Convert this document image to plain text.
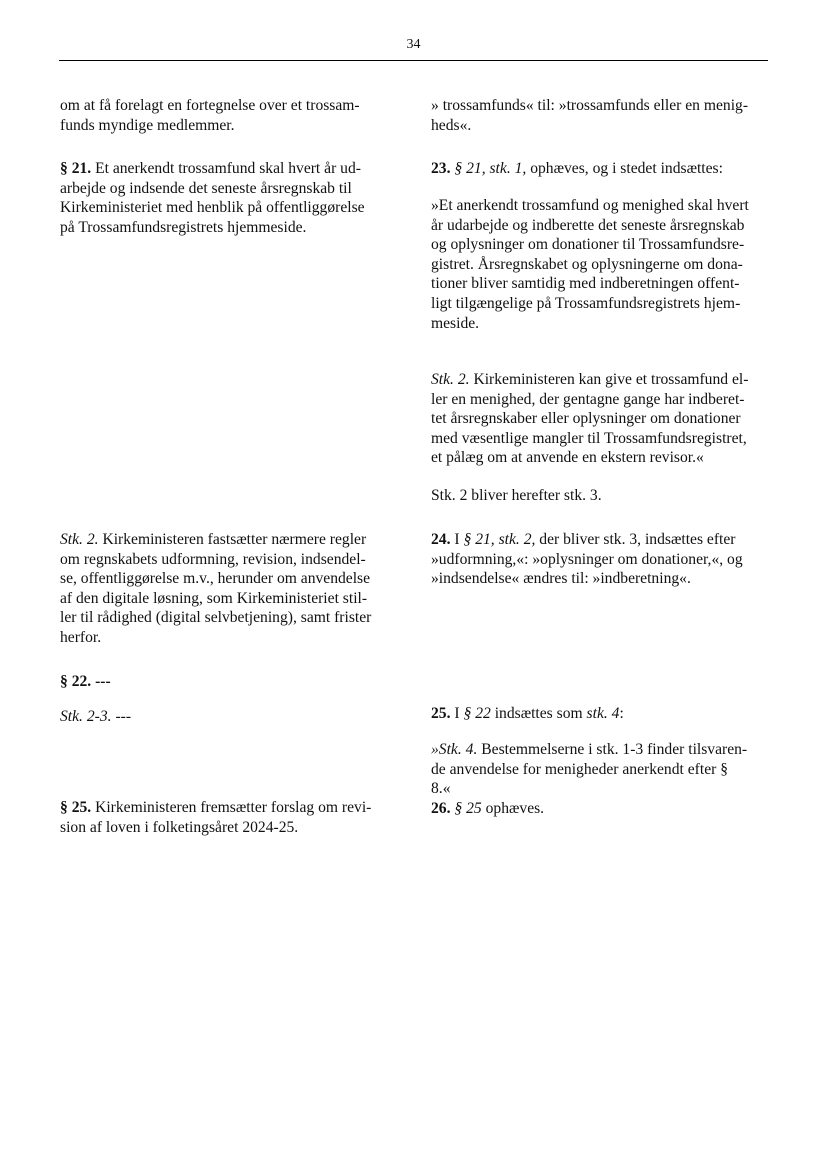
34

om at få forelagt en fortegnelse over et trossam-
funds myndige medlemmer.

§ 21. Et anerkendt trossamfund skal hvert år ud-
arbejde og indsende det seneste årsregnskab til
Kirkeministeriet med henblik på offentliggørelse
på Trossamfundsregistrets hjemmeside.

Stk. 2. Kirkeministeren fastsætter nærmere regler
om regnskabets udformning, revision, indsendel-
se, offentliggørelse m.v., herunder om anvendelse
af den digitale løsning, som Kirkeministeriet stil-
ler til rådighed (digital selvbetjening), samt frister
herfor.

§ 22. ---

Stk. 2-3. ---

§ 25. Kirkeministeren fremsætter forslag om revi-
sion af loven i folketingsåret 2024-25.

» trossamfunds« til: »trossamfunds eller en menig-
heds«.

23. § 21, stk. 1, ophæves, og i stedet indsættes:

»Et anerkendt trossamfund og menighed skal hvert
år udarbejde og indberette det seneste årsregnskab
og oplysninger om donationer til Trossamfundsre-
gistret. Årsregnskabet og oplysningerne om dona-
tioner bliver samtidig med indberetningen offent-
ligt tilgængelige på Trossamfundsregistrets hjem-
meside.

Stk. 2. Kirkeministeren kan give et trossamfund el-
ler en menighed, der gentagne gange har indberet-
tet årsregnskaber eller oplysninger om donationer
med væsentlige mangler til Trossamfundsregistret,
et pålæg om at anvende en ekstern revisor.«

Stk. 2 bliver herefter stk. 3.

24. I § 21, stk. 2, der bliver stk. 3, indsættes efter
»udformning,«: »oplysninger om donationer,«, og
»indsendelse« ændres til: »indberetning«.

25. I § 22 indsættes som stk. 4:

»Stk. 4. Bestemmelserne i stk. 1-3 finder tilsvaren-
de anvendelse for menigheder anerkendt efter §
8.«

26. § 25 ophæves.
